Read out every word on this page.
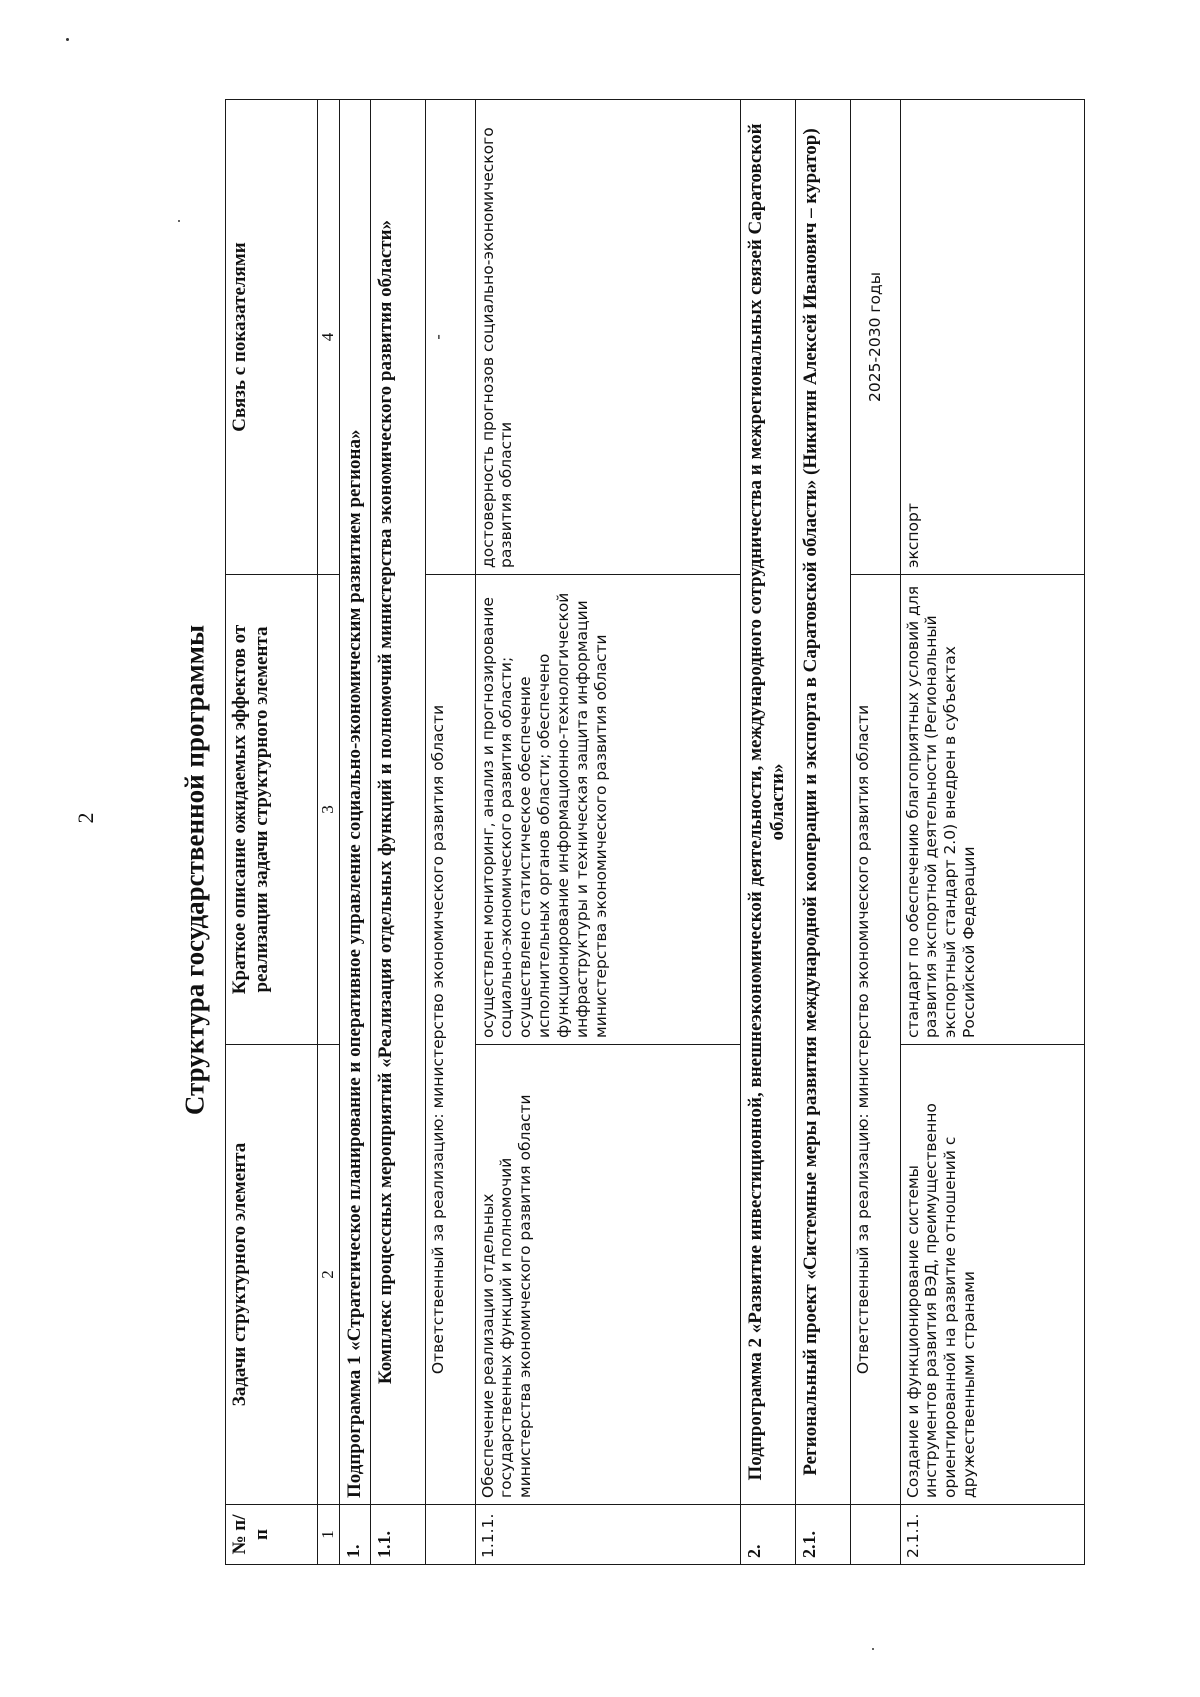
2	Структура государственной программы
№ п/п	Задачи структурного элемента	Краткое описание ожидаемых эффектов от реализации задачи структурного элемента	Связь с показателями
1	2	3	4
1.	Подпрограмма 1 «Стратегическое планирование и оперативное управление социально-экономическим развитием региона»		
1.1.	Комплекс процессных мероприятий «Реализация отдельных функций и полномочий министерства экономического развития области»		
	Ответственный за реализацию: министерство экономического развития области		-
1.1.1.	Обеспечение реализации отдельных государственных функций и полномочий министерства экономического развития области	осуществлен мониторинг, анализ и прогнозирование социально-экономического развития области; осуществлено статистическое обеспечение исполнительных органов области; обеспечено функционирование информационно-технологической инфраструктуры и техническая защита информации министерства экономического развития области	достоверность прогнозов социально-экономического развития области
2.	Подпрограмма 2 «Развитие инвестиционной, внешнеэкономической деятельности, международного сотрудничества и межрегиональных связей Саратовской области»		
2.1.	Региональный проект «Системные меры развития международной кооперации и экспорта в Саратовской области» (Никитин Алексей Иванович – куратор)		
	Ответственный за реализацию: министерство экономического развития области		2025-2030 годы
2.1.1.	Создание и функционирование системы инструментов развития ВЭД, преимущественно ориентированной на развитие отношений с дружественными странами	стандарт по обеспечению благоприятных условий для развития экспортной деятельности (Региональный экспортный стандарт 2.0) внедрен в субъектах Российской Федерации	экспорт
